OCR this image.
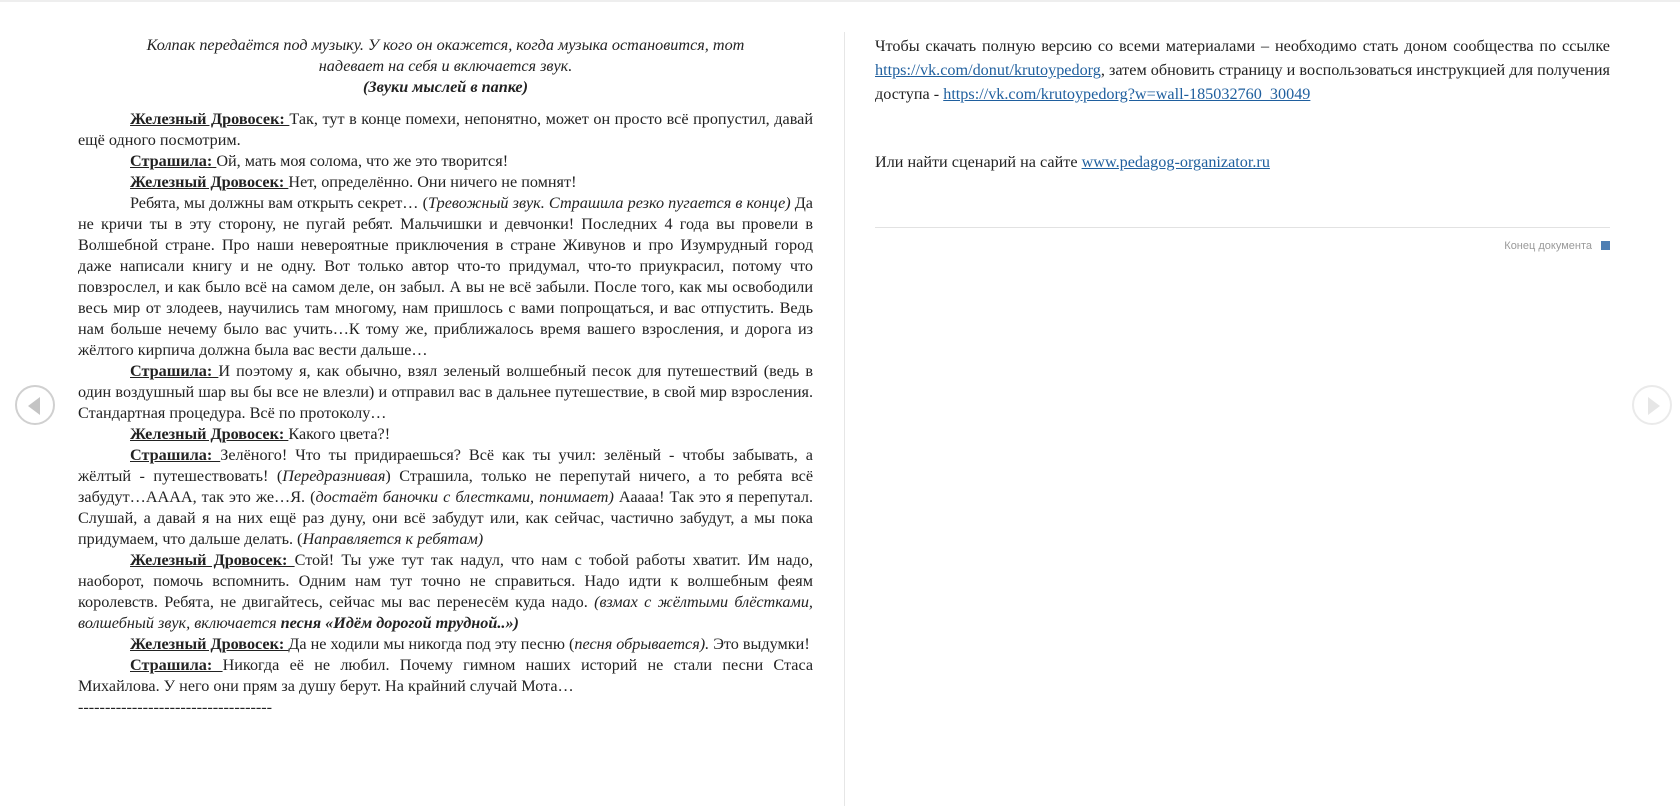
Колпак передаётся под музыку. У кого он окажется, когда музыка остановится, тот
надевает на себя и включается звук.
(Звуки мыслей в папке)

Железный Дровосек: Так, тут в конце помехи, непонятно, может он просто всё пропустил, давай ещё одного посмотрим.

Страшила: Ой, мать моя солома, что же это творится!

Железный Дровосек: Нет, определённо. Они ничего не помнят!

Ребята, мы должны вам открыть секрет… (Тревожный звук. Страшила резко пугается в конце) Да не кричи ты в эту сторону, не пугай ребят. Мальчишки и девчонки! Последних 4 года вы провели в Волшебной стране. Про наши невероятные приключения в стране Живунов и про Изумрудный город даже написали книгу и не одну. Вот только автор что-то придумал, что-то приукрасил, потому что повзрослел, и как было всё на самом деле, он забыл. А вы не всё забыли. После того, как мы освободили весь мир от злодеев, научились там многому, нам пришлось с вами попрощаться, и вас отпустить. Ведь нам больше нечему было вас учить…К тому же, приближалось время вашего взросления, и дорога из жёлтого кирпича должна была вас вести дальше…

Страшила: И поэтому я, как обычно, взял зеленый волшебный песок для путешествий (ведь в один воздушный шар вы бы все не влезли) и отправил вас в дальнее путешествие, в свой мир взросления. Стандартная процедура. Всё по протоколу…

Железный Дровосек: Какого цвета?!

Страшила: Зелёного! Что ты придираешься? Всё как ты учил: зелёный - чтобы забывать, а жёлтый - путешествовать! (Передразнивая) Страшила, только не перепутай ничего, а то ребята всё забудут…АААА, так это же…Я. (достаёт баночки с блестками, понимает) Ааааа! Так это я перепутал. Слушай, а давай я на них ещё раз дуну, они всё забудут или, как сейчас, частично забудут, а мы пока придумаем, что дальше делать. (Направляется к ребятам)

Железный Дровосек: Стой! Ты уже тут так надул, что нам с тобой работы хватит. Им надо, наоборот, помочь вспомнить. Одним нам тут точно не справиться. Надо идти к волшебным феям королевств. Ребята, не двигайтесь, сейчас мы вас перенесём куда надо. (взмах с жёлтыми блёстками, волшебный звук, включается песня «Идём дорогой трудной..»)

Железный Дровосек: Да не ходили мы никогда под эту песню (песня обрывается). Это выдумки!

Страшила: Никогда её не любил. Почему гимном наших историй не стали песни Стаса Михайлова. У него они прям за душу берут. На крайний случай Мота…

------------------------------------

Чтобы скачать полную версию со всеми материалами – необходимо стать доном сообщества по ссылке https://vk.com/donut/krutoypedorg, затем обновить страницу и воспользоваться инструкцией для получения доступа - https://vk.com/krutoypedorg?w=wall-185032760_30049

Или найти сценарий на сайте www.pedagog-organizator.ru

Конец документа
